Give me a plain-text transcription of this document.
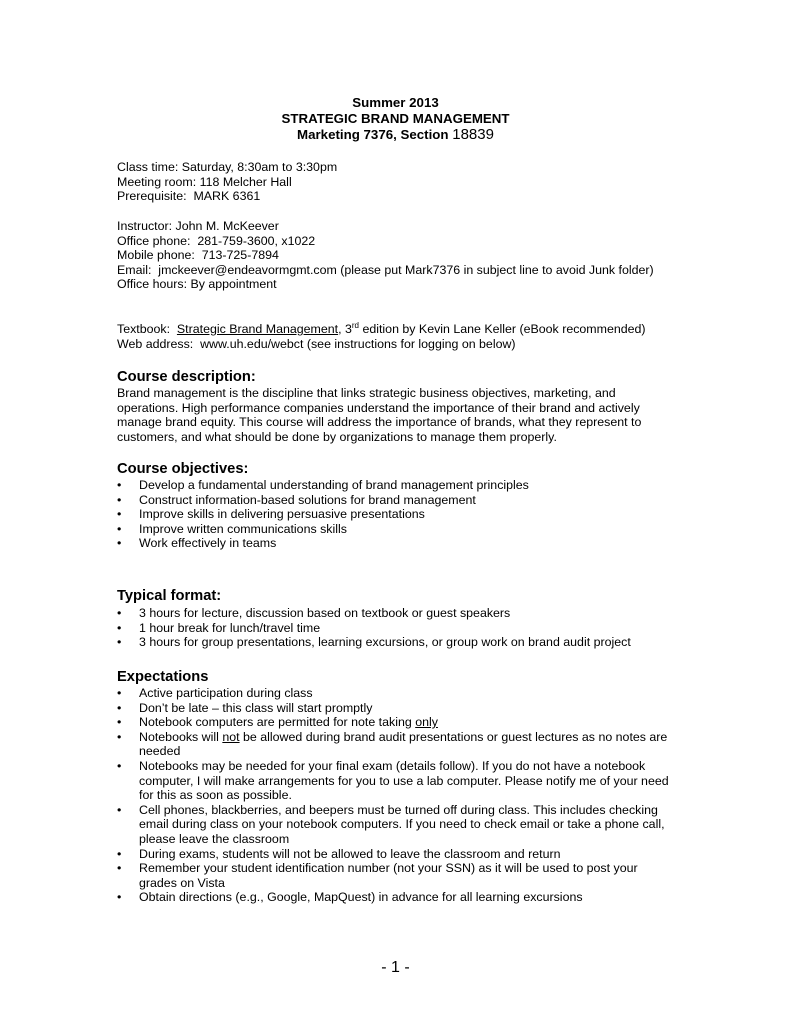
Summer 2013
STRATEGIC BRAND MANAGEMENT
Marketing 7376, Section 18839
Class time: Saturday, 8:30am to 3:30pm
Meeting room: 118 Melcher Hall
Prerequisite:  MARK 6361
Instructor: John M. McKeever
Office phone:  281-759-3600, x1022
Mobile phone:  713-725-7894
Email:  jmckeever@endeavormgmt.com (please put Mark7376 in subject line to avoid Junk folder)
Office hours: By appointment
Textbook:  Strategic Brand Management, 3rd edition by Kevin Lane Keller (eBook recommended)
Web address:  www.uh.edu/webct (see instructions for logging on below)
Course description:
Brand management is the discipline that links strategic business objectives, marketing, and operations. High performance companies understand the importance of their brand and actively manage brand equity. This course will address the importance of brands, what they represent to customers, and what should be done by organizations to manage them properly.
Course objectives:
• Develop a fundamental understanding of brand management principles
• Construct information-based solutions for brand management
• Improve skills in delivering persuasive presentations
• Improve written communications skills
• Work effectively in teams
Typical format:
• 3 hours for lecture, discussion based on textbook or guest speakers
• 1 hour break for lunch/travel time
• 3 hours for group presentations, learning excursions, or group work on brand audit project
Expectations
• Active participation during class
• Don’t be late – this class will start promptly
• Notebook computers are permitted for note taking only
• Notebooks will not be allowed during brand audit presentations or guest lectures as no notes are needed
• Notebooks may be needed for your final exam (details follow). If you do not have a notebook computer, I will make arrangements for you to use a lab computer. Please notify me of your need for this as soon as possible.
• Cell phones, blackberries, and beepers must be turned off during class. This includes checking email during class on your notebook computers. If you need to check email or take a phone call, please leave the classroom
• During exams, students will not be allowed to leave the classroom and return
• Remember your student identification number (not your SSN) as it will be used to post your grades on Vista
• Obtain directions (e.g., Google, MapQuest) in advance for all learning excursions
- 1 -
